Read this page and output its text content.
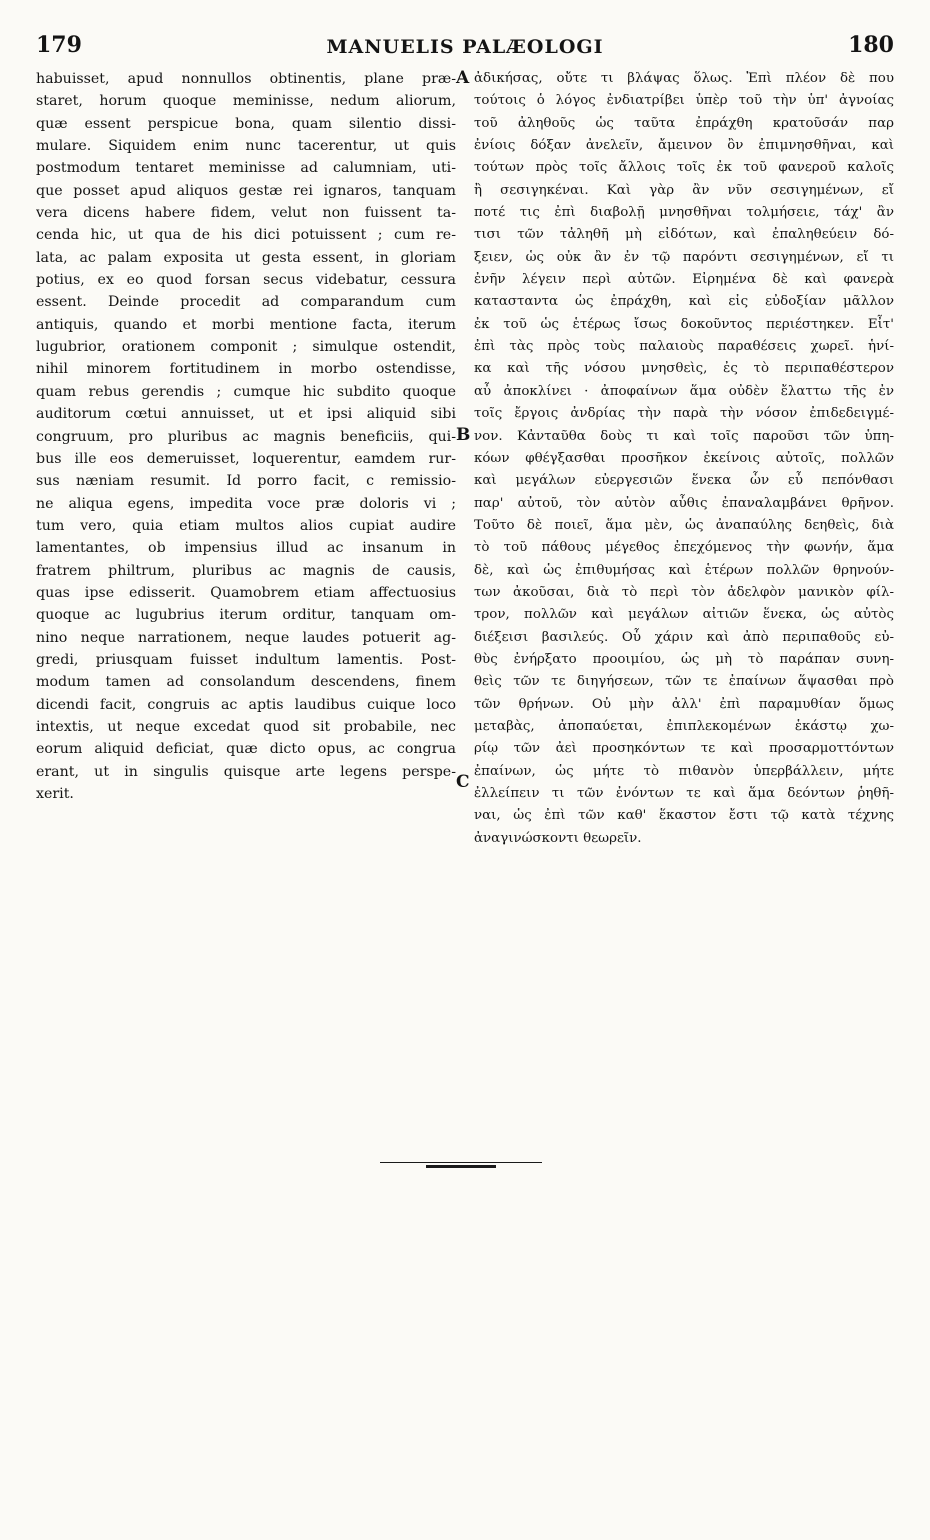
179	MANUELIS PALÆOLOGI	180
habuisset, apud nonnullos obtinentis, plane præ-
staret, horum quoque meminisse, nedum aliorum,
quæ essent perspicue bona, quam silentio dissi-
mulare. Siquidem enim nunc tacerentur, ut quis
postmodum tentaret meminisse ad calumniam, uti-
que posset apud aliquos gestæ rei ignaros, tanquam
vera dicens habere fidem, velut non fuissent ta-
cenda hic, ut qua de his dici potuissent ; cum re-
lata, ac palam exposita ut gesta essent, in gloriam
potius, ex eo quod forsan secus videbatur, cessura
essent. Deinde procedit ad comparandum cum
antiquis, quando et morbi mentione facta, iterum
lugubrior, orationem componit ; simulque ostendit,
nihil minorem fortitudinem in morbo ostendisse,
quam rebus gerendis ; cumque hic subdito quoque
auditorum cœtui annuisset, ut et ipsi aliquid sibi
congruum, pro pluribus ac magnis beneficiis, qui-
bus ille eos demeruisset, loquerentur, eamdem rur-
sus næniam resumit. Id porro facit, c remissio-
ne aliqua egens, impedita voce præ doloris vi ;
tum vero, quia etiam multos alios cupiat audire
lamentantes, ob impensius illud ac insanum in
fratrem philtrum, pluribus ac magnis de causis,
quas ipse edisserit. Quamobrem etiam affectuosius
quoque ac lugubrius iterum orditur, tanquam om-
nino neque narrationem, neque laudes potuerit ag-
gredi, priusquam fuisset indultum lamentis. Post-
modum tamen ad consolandum descendens, finem
dicendi facit, congruis ac aptis laudibus cuique loco
intextis, ut neque excedat quod sit probabile, nec
eorum aliquid deficiat, quæ dicto opus, ac congrua
erant, ut in singulis quisque arte legens perspe-
xerit.
ἀδικήσας, οὔτε τι βλάψας ὅλως. Ἐπὶ πλέον δὲ που
τούτοις ὁ λόγος ἐνδιατρίβει ὑπὲρ τοῦ τὴν ὑπ' ἀγνοίας
τοῦ ἀληθοῦς ὡς ταῦτα ἐπράχθη κρατοῦσάν παρ
ἐνίοις δόξαν ἀνελεῖν, ἄμεινον ὂν ἐπιμνησθῆναι, καὶ
τούτων πρὸς τοῖς ἄλλοις τοῖς ἐκ τοῦ φανεροῦ καλοῖς
ἢ σεσιγηκέναι. Καὶ γὰρ ἂν νῦν σεσιγημένων, εἴ
ποτέ τις ἐπὶ διαβολῇ μνησθῆναι τολμήσειε, τάχ' ἂν
τισι τῶν τἀληθῆ μὴ εἰδότων, καὶ ἐπαληθεύειν δό-
ξειεν, ὡς οὐκ ἂν ἐν τῷ παρόντι σεσιγημένων, εἴ τι
ἐνῆν λέγειν περὶ αὐτῶν. Εἰρημένα δὲ καὶ φανερὰ
κατασταντα ὡς ἐπράχθη, καὶ εἰς εὐδοξίαν μᾶλλον
ἐκ τοῦ ὡς ἑτέρως ἴσως δοκοῦντος περιέστηκεν. Εἶτ'
ἐπὶ τὰς πρὸς τοὺς παλαιοὺς παραθέσεις χωρεῖ. ἡνί-
κα καὶ τῆς νόσου μνησθεὶς, ἐς τὸ περιπαθέστερον
αὖ ἀποκλίνει · ἀποφαίνων ἅμα οὐδὲν ἔλαττω τῆς ἐν
τοῖς ἔργοις ἀνδρίας τὴν παρὰ τὴν νόσον ἐπιδεδειγμέ-
νον. Κἀνταῦθα δοὺς τι καὶ τοῖς παροῦσι τῶν ὑπη-
κόων φθέγξασθαι προσῆκον ἐκείνοις αὐτοῖς, πολλῶν
καὶ μεγάλων εὐεργεσιῶν ἕνεκα ὧν εὖ πεπόνθασι
παρ' αὐτοῦ, τὸν αὐτὸν αὖθις ἐπαναλαμβάνει θρῆνον.
Τοῦτο δὲ ποιεῖ, ἅμα μὲν, ὡς ἀναπαύλης δεηθεὶς, διὰ
τὸ τοῦ πάθους μέγεθος ἐπεχόμενος τὴν φωνήν, ἅμα
δὲ, καὶ ὡς ἐπιθυμήσας καὶ ἑτέρων πολλῶν θρηνούν-
των ἀκοῦσαι, διὰ τὸ περὶ τὸν ἀδελφὸν μανικὸν φίλ-
τρον, πολλῶν καὶ μεγάλων αἰτιῶν ἕνεκα, ὡς αὐτὸς
διέξεισι βασιλεύς. Οὗ χάριν καὶ ἀπὸ περιπαθοῦς εὐ-
θὺς ἐνήρξατο προοιμίου, ὡς μὴ τὸ παράπαν συνη-
θεὶς τῶν τε διηγήσεων, τῶν τε ἐπαίνων ἅψασθαι πρὸ
τῶν θρήνων. Οὐ μὴν ἀλλ' ἐπὶ παραμυθίαν ὅμως
μεταβὰς, ἀποπαύεται, ἐπιπλεκομένων ἑκάστῳ χω-
ρίῳ τῶν ἀεὶ προσηκόντων τε καὶ προσαρμοττόντων
ἐπαίνων, ὡς μήτε τὸ πιθανὸν ὑπερβάλλειν, μήτε
ἐλλείπειν τι τῶν ἐνόντων τε καὶ ἅμα δεόντων ῥηθῆ-
ναι, ὡς ἐπὶ τῶν καθ' ἕκαστον ἔστι τῷ κατὰ τέχνης
ἀναγινώσκοντι θεωρεῖν.
A
B
C
